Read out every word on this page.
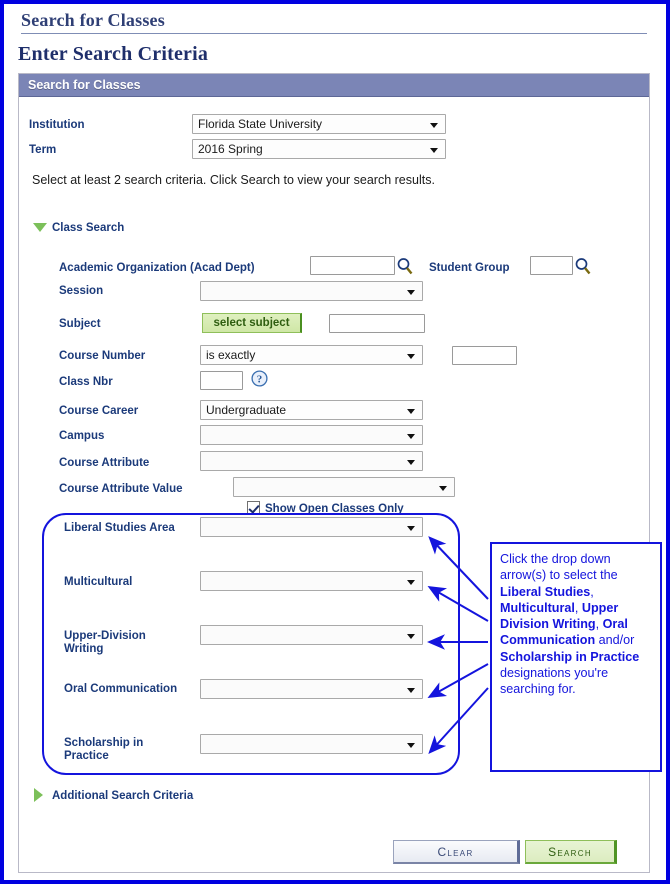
Search for Classes
Enter Search Criteria
Search for Classes
Institution	Florida State University
Term	2016 Spring
Select at least 2 search criteria. Click Search to view your search results.
Class Search
Academic Organization (Acad Dept)	Student Group
Session
Subject	select subject
Course Number	is exactly
Class Nbr	?
Course Career	Undergraduate
Campus
Course Attribute
Course Attribute Value
Show Open Classes Only
Liberal Studies Area
Multicultural
Upper-Division Writing
Oral Communication
Scholarship in Practice
Additional Search Criteria
Clear	Search
Click the drop down arrow(s) to select the Liberal Studies, Multicultural, Upper Division Writing, Oral Communication and/or Scholarship in Practice designations you're searching for.
